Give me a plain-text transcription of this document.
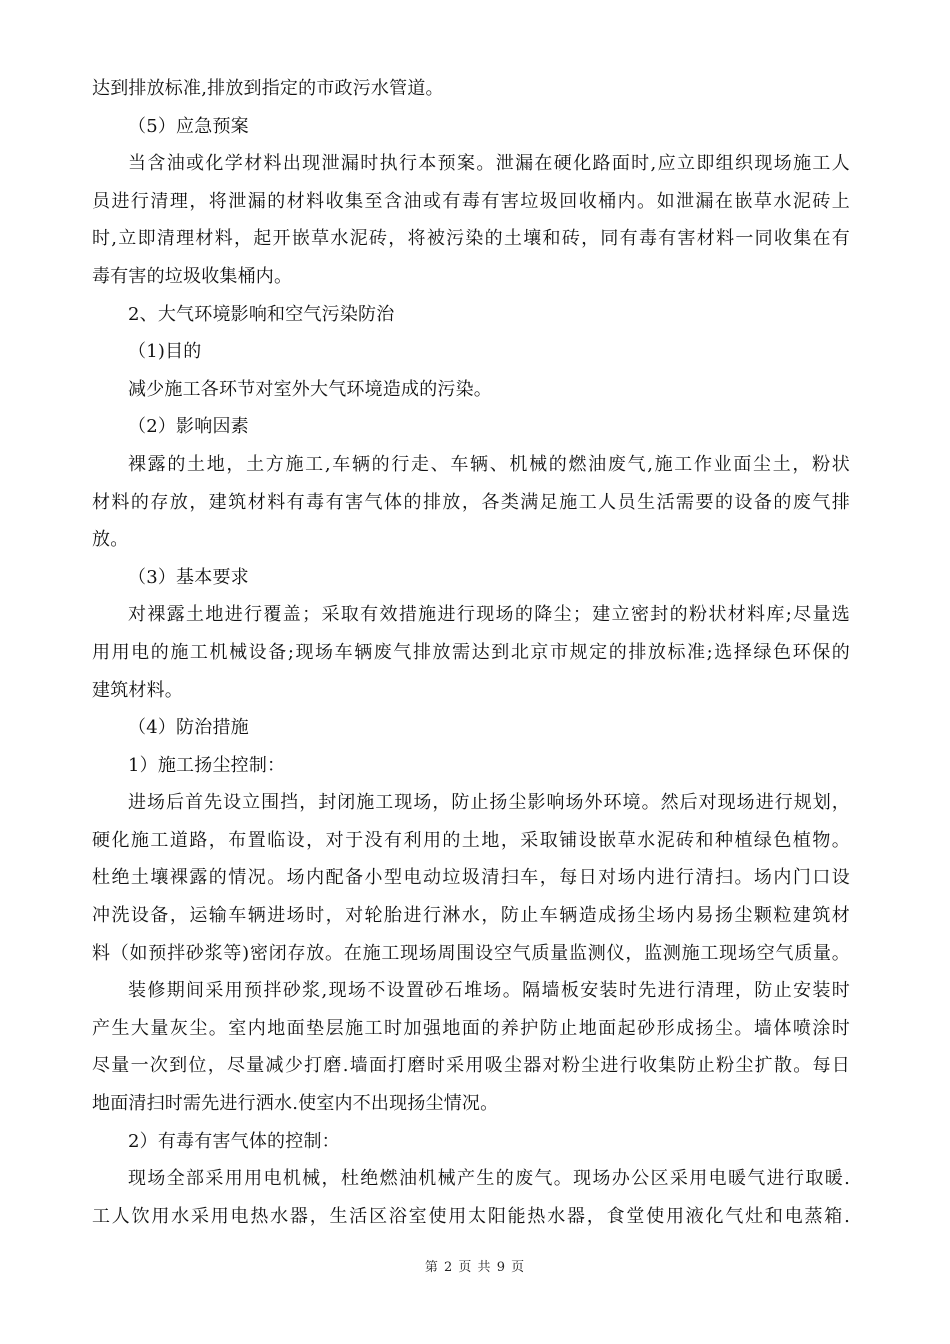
达到排放标准,排放到指定的市政污水管道。
（5）应急预案
当含油或化学材料出现泄漏时执行本预案。泄漏在硬化路面时,应立即组织现场施工人
员进行清理，将泄漏的材料收集至含油或有毒有害垃圾回收桶内。如泄漏在嵌草水泥砖上
时,立即清理材料，起开嵌草水泥砖，将被污染的土壤和砖，同有毒有害材料一同收集在有
毒有害的垃圾收集桶内。
2、大气环境影响和空气污染防治
（1)目的
减少施工各环节对室外大气环境造成的污染。
（2）影响因素
裸露的土地，土方施工,车辆的行走、车辆、机械的燃油废气,施工作业面尘土，粉状
材料的存放，建筑材料有毒有害气体的排放，各类满足施工人员生活需要的设备的废气排
放。
（3）基本要求
对裸露土地进行覆盖；采取有效措施进行现场的降尘；建立密封的粉状材料库;尽量选
用用电的施工机械设备;现场车辆废气排放需达到北京市规定的排放标准;选择绿色环保的
建筑材料。
（4）防治措施
1）施工扬尘控制：
进场后首先设立围挡，封闭施工现场，防止扬尘影响场外环境。然后对现场进行规划，
硬化施工道路，布置临设，对于没有利用的土地，采取铺设嵌草水泥砖和种植绿色植物。
杜绝土壤裸露的情况。场内配备小型电动垃圾清扫车，每日对场内进行清扫。场内门口设
冲洗设备，运输车辆进场时，对轮胎进行淋水，防止车辆造成扬尘场内易扬尘颗粒建筑材
料（如预拌砂浆等)密闭存放。在施工现场周围设空气质量监测仪，监测施工现场空气质量。
装修期间采用预拌砂浆,现场不设置砂石堆场。隔墙板安装时先进行清理，防止安装时
产生大量灰尘。室内地面垫层施工时加强地面的养护防止地面起砂形成扬尘。墙体喷涂时
尽量一次到位，尽量减少打磨.墙面打磨时采用吸尘器对粉尘进行收集防止粉尘扩散。每日
地面清扫时需先进行洒水.使室内不出现扬尘情况。
2）有毒有害气体的控制：
现场全部采用用电机械，杜绝燃油机械产生的废气。现场办公区采用电暖气进行取暖.
工人饮用水采用电热水器，生活区浴室使用太阳能热水器，食堂使用液化气灶和电蒸箱.
第 2 页 共 9 页
